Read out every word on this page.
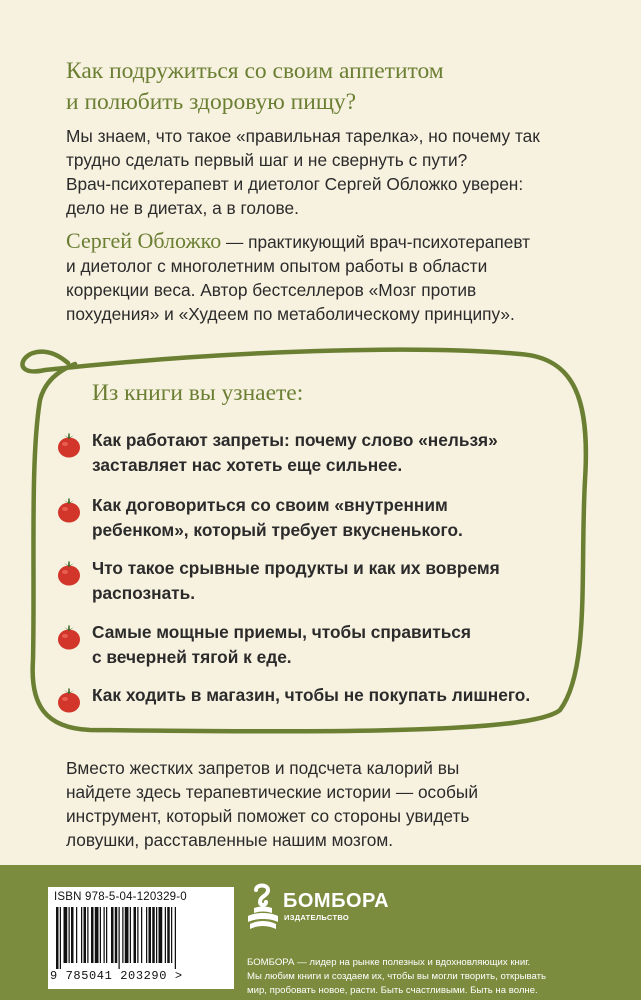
Как подружиться со своим аппетитом
и полюбить здоровую пищу?

Мы знаем, что такое «правильная тарелка», но почему так
трудно сделать первый шаг и не свернуть с пути?
Врач-психотерапевт и диетолог Сергей Обложко уверен:
дело не в диетах, а в голове.

Сергей Обложко — практикующий врач-психотерапевт
и диетолог с многолетним опытом работы в области
коррекции веса. Автор бестселлеров «Мозг против
похудения» и «Худеем по метаболическому принципу».

Из книги вы узнаете:
Как работают запреты: почему слово «нельзя»
заставляет нас хотеть еще сильнее.
Как договориться со своим «внутренним
ребенком», который требует вкусненького.
Что такое срывные продукты и как их вовремя
распознать.
Самые мощные приемы, чтобы справиться
с вечерней тягой к еде.
Как ходить в магазин, чтобы не покупать лишнего.

Вместо жестких запретов и подсчета калорий вы
найдете здесь терапевтические истории — особый
инструмент, который поможет со стороны увидеть
ловушки, расставленные нашим мозгом.

ISBN 978-5-04-120329-0
9 785041 203290 >
БОМБОРА
ИЗДАТЕЛЬСТВО
БОМБОРА — лидер на рынке полезных и вдохновляющих книг.
Мы любим книги и создаем их, чтобы вы могли творить, открывать
мир, пробовать новое, расти. Быть счастливыми. Быть на волне.
